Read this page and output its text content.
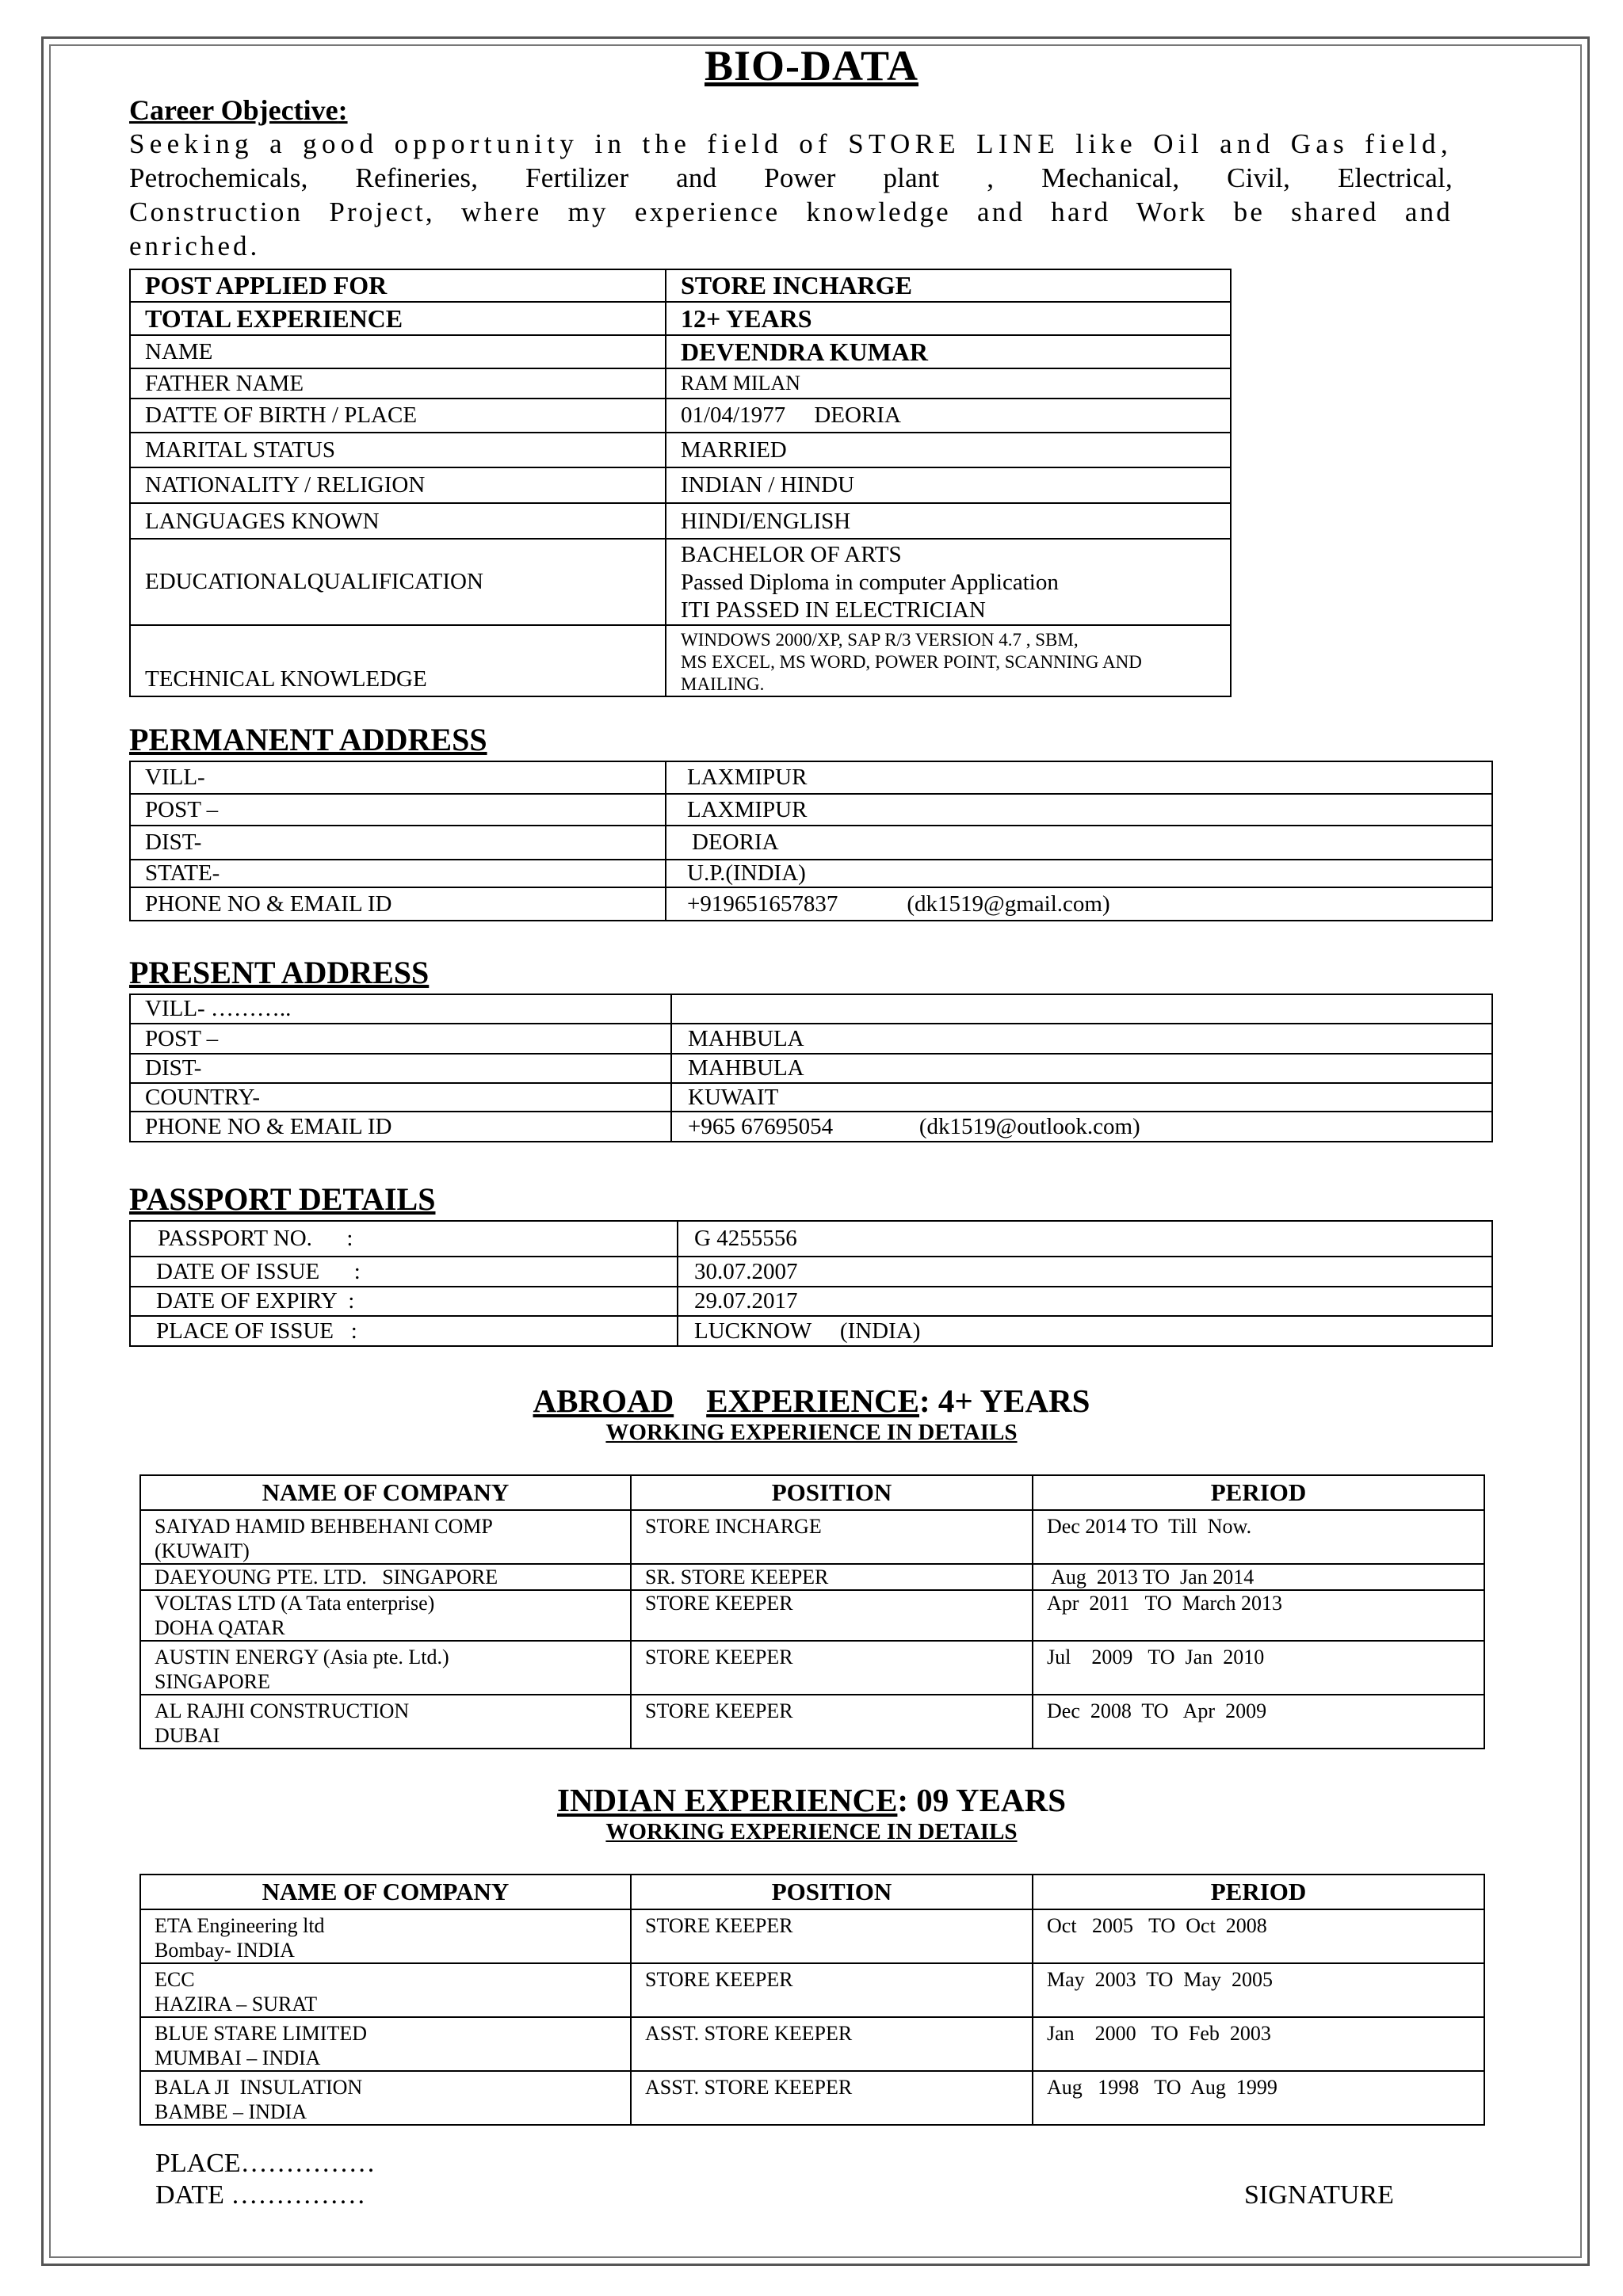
BIO-DATA
Career Objective:
Seeking a good opportunity in the field of STORE LINE like Oil and Gas field,
Petrochemicals, Refineries, Fertilizer and Power plant , Mechanical, Civil, Electrical,
Construction Project, where my experience knowledge and hard Work be shared and
enriched.
POST APPLIED FOR	STORE INCHARGE
TOTAL EXPERIENCE	12+ YEARS
NAME	DEVENDRA KUMAR
FATHER NAME	RAM MILAN
DATTE OF BIRTH / PLACE	01/04/1977     DEORIA
MARITAL STATUS	MARRIED
NATIONALITY / RELIGION	INDIAN / HINDU
LANGUAGES KNOWN	HINDI/ENGLISH
EDUCATIONALQUALIFICATION	BACHELOR OF ARTS
Passed Diploma in computer Application
ITI PASSED IN ELECTRICIAN

TECHNICAL KNOWLEDGE	WINDOWS 2000/XP, SAP R/3 VERSION 4.7 , SBM,
MS EXCEL, MS WORD, POWER POINT, SCANNING AND
MAILING.
PERMANENT ADDRESS
VILL-	LAXMIPUR
POST –	LAXMIPUR
DIST-	DEORIA
STATE-	U.P.(INDIA)
PHONE NO & EMAIL ID	+919651657837            (dk1519@gmail.com)
PRESENT ADDRESS
VILL- ………..	
POST –	MAHBULA
DIST-	MAHBULA
COUNTRY-	KUWAIT
PHONE NO & EMAIL ID	+965 67695054               (dk1519@outlook.com)
PASSPORT DETAILS
PASSPORT NO.      :	G 4255556
DATE OF ISSUE      :	30.07.2007
DATE OF EXPIRY  :	29.07.2017
PLACE OF ISSUE   :	LUCKNOW     (INDIA)
ABROAD EXPERIENCE: 4+ YEARS
WORKING EXPERIENCE IN DETAILS
NAME OF COMPANY	POSITION	PERIOD

SAIYAD HAMID BEHBEHANI COMP
(KUWAIT)	STORE INCHARGE	Dec 2014 TO  Till  Now.

DAEYOUNG PTE. LTD.   SINGAPORE	SR. STORE KEEPER	Aug  2013 TO  Jan 2014

VOLTAS LTD (A Tata enterprise)
DOHA QATAR	STORE KEEPER	Apr  2011   TO  March 2013

AUSTIN ENERGY (Asia pte. Ltd.)
SINGAPORE	STORE KEEPER	Jul    2009   TO  Jan  2010

AL RAJHI CONSTRUCTION
DUBAI	STORE KEEPER	Dec  2008  TO   Apr  2009
INDIAN EXPERIENCE: 09 YEARS
WORKING EXPERIENCE IN DETAILS
NAME OF COMPANY	POSITION	PERIOD

ETA Engineering ltd
Bombay- INDIA	STORE KEEPER	Oct   2005   TO  Oct  2008

ECC
HAZIRA – SURAT	STORE KEEPER	May  2003  TO  May  2005

BLUE STARE LIMITED
MUMBAI – INDIA	ASST. STORE KEEPER	Jan    2000   TO  Feb  2003

BALA JI  INSULATION
BAMBE – INDIA	ASST. STORE KEEPER	Aug   1998   TO  Aug  1999
PLACE……………
DATE ……………	SIGNATURE
